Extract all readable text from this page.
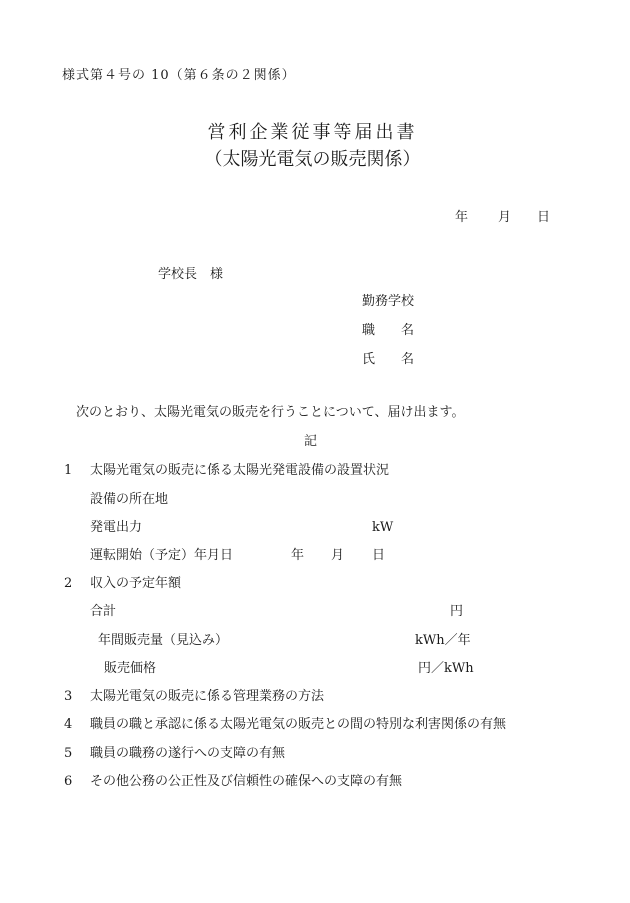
様式第４号の 10（第６条の２関係）
営利企業従事等届出書
（太陽光電気の販売関係）
年 月 日
学校長　様
勤務学校
職　　名
氏　　名
次のとおり、太陽光電気の販売を行うことについて、届け出ます。
記
1 太陽光電気の販売に係る太陽光発電設備の設置状況
設備の所在地
発電出力	kW
運転開始（予定）年月日	年 月 日
2 収入の予定年額
合計	円
年間販売量（見込み）	kWh／年
販売価格	円／kWh
3 太陽光電気の販売に係る管理業務の方法
4 職員の職と承認に係る太陽光電気の販売との間の特別な利害関係の有無
5 職員の職務の遂行への支障の有無
6 その他公務の公正性及び信頼性の確保への支障の有無
